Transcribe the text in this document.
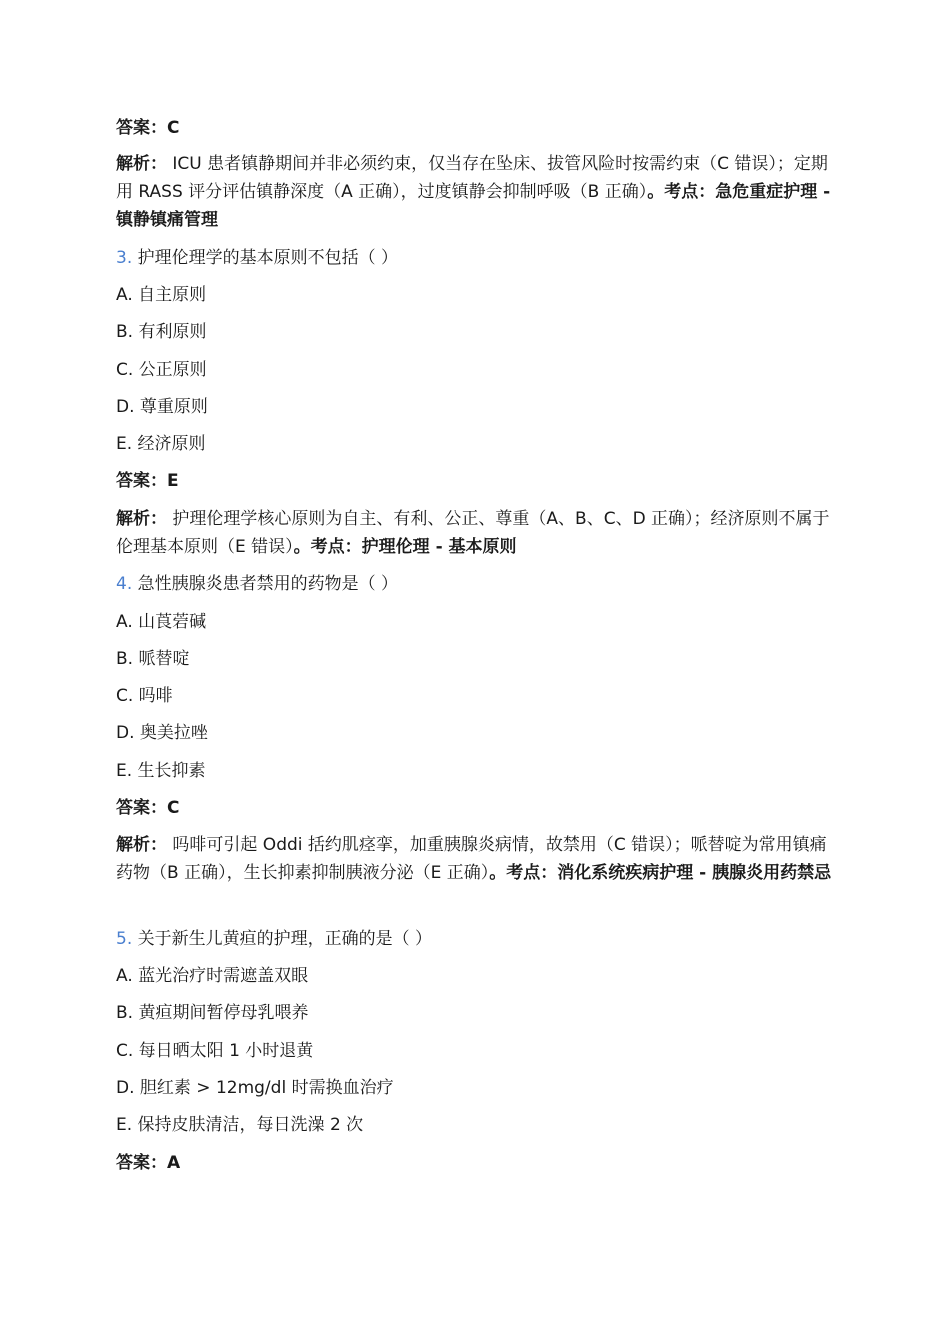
答案：C
解析： ICU 患者镇静期间并非必须约束，仅当存在坠床、拔管风险时按需约束（C 错误）；定期用 RASS 评分评估镇静深度（A 正确），过度镇静会抑制呼吸（B 正确）。考点：急危重症护理 - 镇静镇痛管理
3. 护理伦理学的基本原则不包括（ ）
A. 自主原则
B. 有利原则
C. 公正原则
D. 尊重原则
E. 经济原则
答案：E
解析： 护理伦理学核心原则为自主、有利、公正、尊重（A、B、C、D 正确）；经济原则不属于伦理基本原则（E 错误）。考点：护理伦理 - 基本原则
4. 急性胰腺炎患者禁用的药物是（ ）
A. 山莨菪碱
B. 哌替啶
C. 吗啡
D. 奥美拉唑
E. 生长抑素
答案：C
解析： 吗啡可引起 Oddi 括约肌痉挛，加重胰腺炎病情，故禁用（C 错误）；哌替啶为常用镇痛药物（B 正确），生长抑素抑制胰液分泌（E 正确）。考点：消化系统疾病护理 - 胰腺炎用药禁忌
5. 关于新生儿黄疸的护理，正确的是（ ）
A. 蓝光治疗时需遮盖双眼
B. 黄疸期间暂停母乳喂养
C. 每日晒太阳 1 小时退黄
D. 胆红素 > 12mg/dl 时需换血治疗
E. 保持皮肤清洁，每日洗澡 2 次
答案：A
